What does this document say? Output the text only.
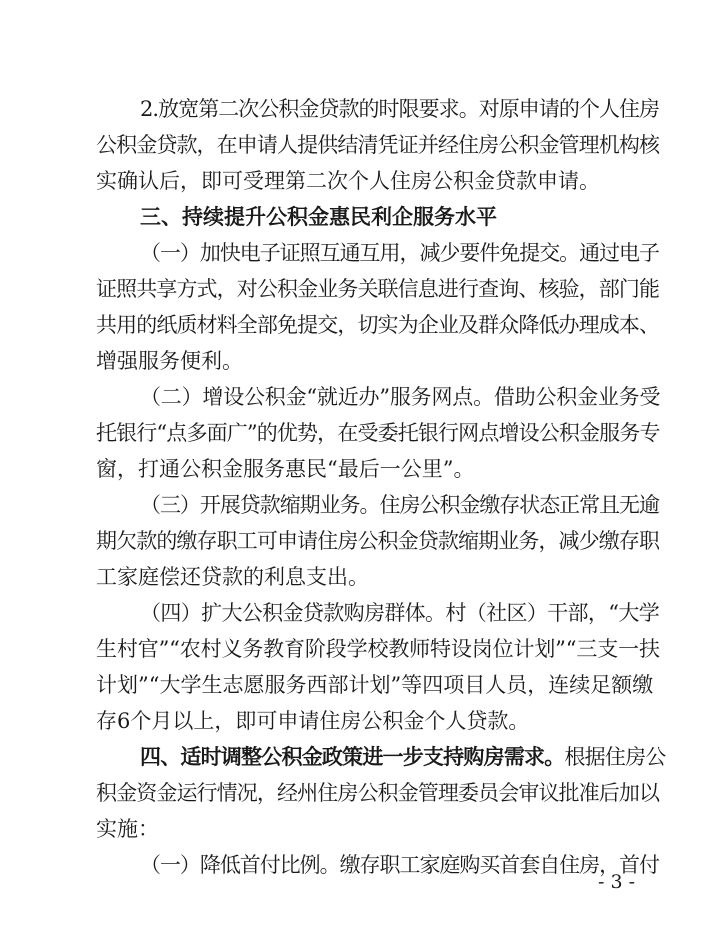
2.放宽第二次公积金贷款的时限要求。对原申请的个人住房
公积金贷款，在申请人提供结清凭证并经住房公积金管理机构核
实确认后，即可受理第二次个人住房公积金贷款申请。
三、持续提升公积金惠民利企服务水平
（一）加快电子证照互通互用，减少要件免提交。通过电子
证照共享方式，对公积金业务关联信息进行查询、核验，部门能
共用的纸质材料全部免提交，切实为企业及群众降低办理成本、
增强服务便利。
（二）增设公积金“就近办”服务网点。借助公积金业务受
托银行“点多面广”的优势，在受委托银行网点增设公积金服务专
窗，打通公积金服务惠民“最后一公里”。
（三）开展贷款缩期业务。住房公积金缴存状态正常且无逾
期欠款的缴存职工可申请住房公积金贷款缩期业务，减少缴存职
工家庭偿还贷款的利息支出。
（四）扩大公积金贷款购房群体。村（社区）干部，“大学
生村官”“农村义务教育阶段学校教师特设岗位计划”“三支一扶
计划”“大学生志愿服务西部计划”等四项目人员，连续足额缴
存6个月以上，即可申请住房公积金个人贷款。
四、适时调整公积金政策进一步支持购房需求。根据住房公
积金资金运行情况，经州住房公积金管理委员会审议批准后加以
实施：
（一）降低首付比例。缴存职工家庭购买首套自住房，首付
- 3 -
